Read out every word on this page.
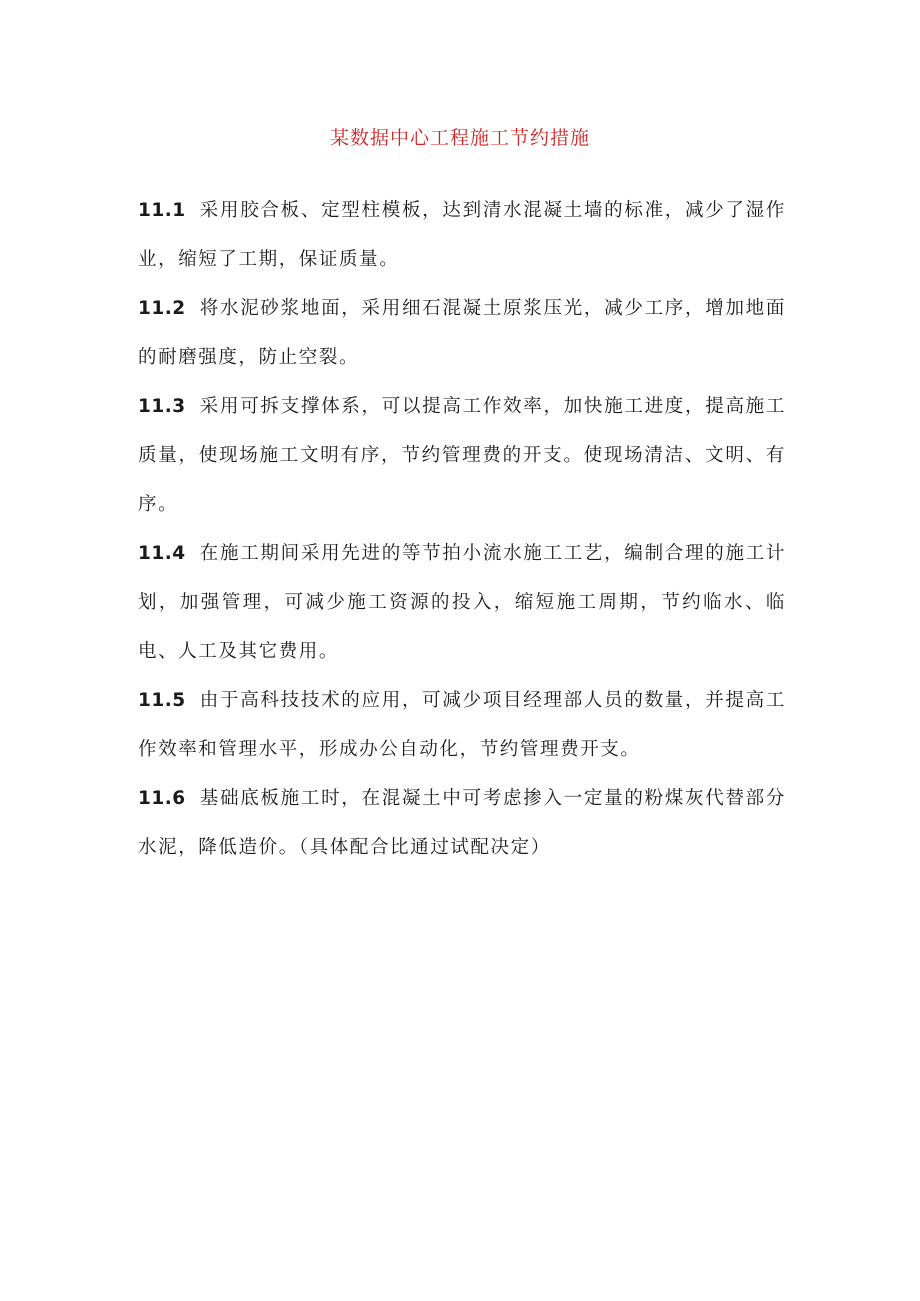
某数据中心工程施工节约措施

11.1 采用胶合板、定型柱模板，达到清水混凝土墙的标准，减少了湿作业，缩短了工期，保证质量。

11.2 将水泥砂浆地面，采用细石混凝土原浆压光，减少工序，增加地面的耐磨强度，防止空裂。

11.3 采用可拆支撑体系，可以提高工作效率，加快施工进度，提高施工质量，使现场施工文明有序，节约管理费的开支。使现场清洁、文明、有序。

11.4 在施工期间采用先进的等节拍小流水施工工艺，编制合理的施工计划，加强管理，可减少施工资源的投入，缩短施工周期，节约临水、临电、人工及其它费用。

11.5 由于高科技技术的应用，可减少项目经理部人员的数量，并提高工作效率和管理水平，形成办公自动化，节约管理费开支。

11.6 基础底板施工时，在混凝土中可考虑掺入一定量的粉煤灰代替部分水泥，降低造价。（具体配合比通过试配决定）
